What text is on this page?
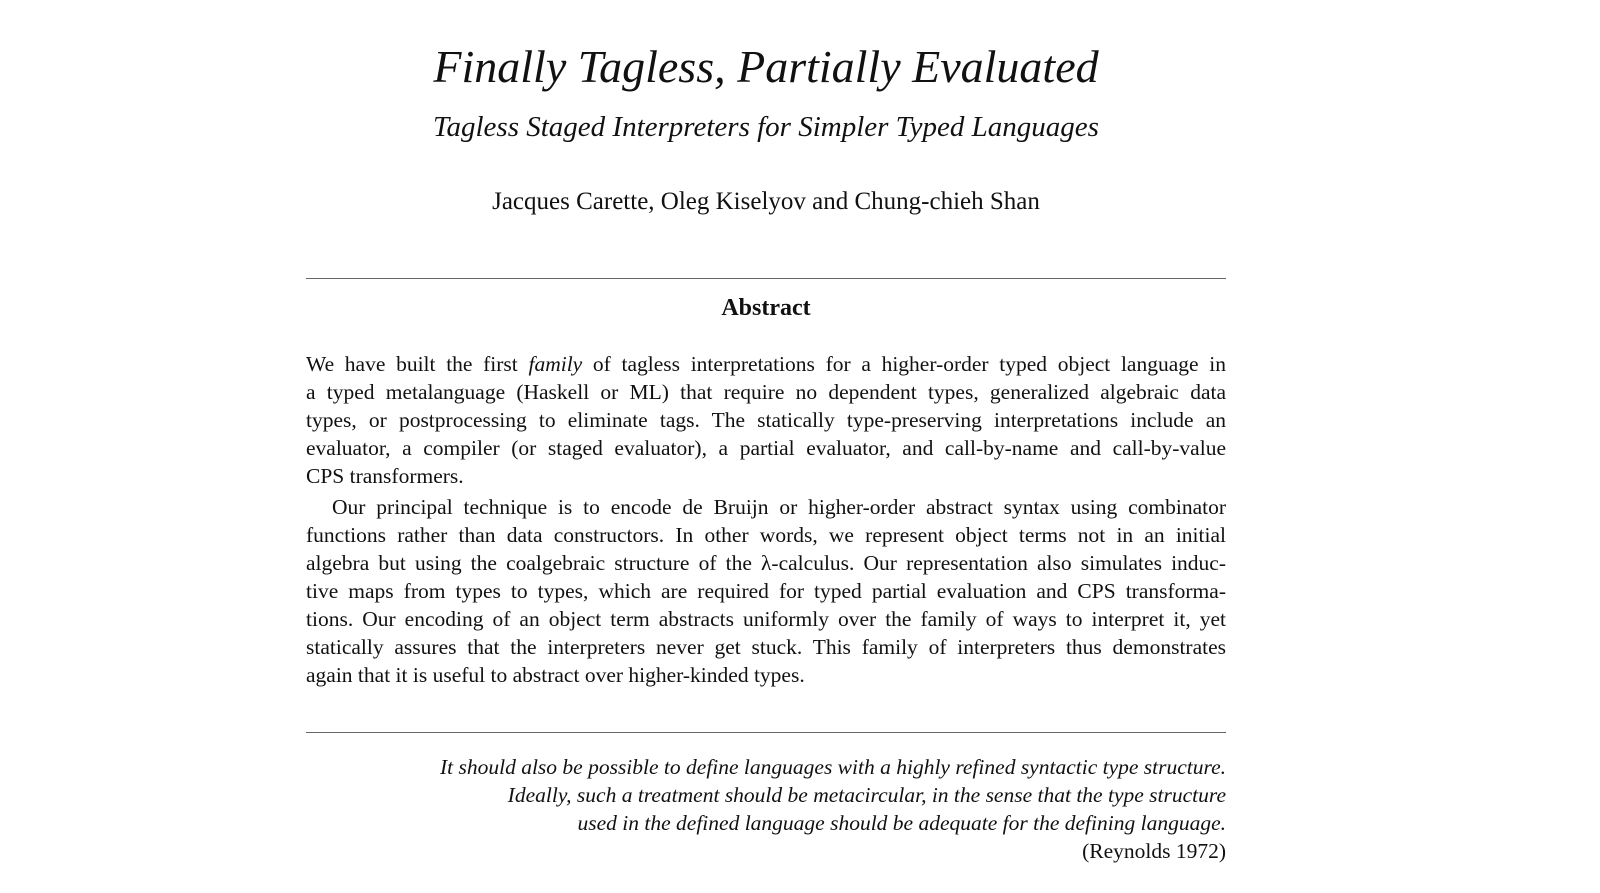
Finally Tagless, Partially Evaluated
Tagless Staged Interpreters for Simpler Typed Languages
Jacques Carette, Oleg Kiselyov and Chung-chieh Shan
Abstract
We have built the first family of tagless interpretations for a higher-order typed object language in
a typed metalanguage (Haskell or ML) that require no dependent types, generalized algebraic data
types, or postprocessing to eliminate tags. The statically type-preserving interpretations include an
evaluator, a compiler (or staged evaluator), a partial evaluator, and call-by-name and call-by-value
CPS transformers.
Our principal technique is to encode de Bruijn or higher-order abstract syntax using combinator
functions rather than data constructors. In other words, we represent object terms not in an initial
algebra but using the coalgebraic structure of the λ-calculus. Our representation also simulates induc-
tive maps from types to types, which are required for typed partial evaluation and CPS transforma-
tions. Our encoding of an object term abstracts uniformly over the family of ways to interpret it, yet
statically assures that the interpreters never get stuck. This family of interpreters thus demonstrates
again that it is useful to abstract over higher-kinded types.
It should also be possible to define languages with a highly refined syntactic type structure.
Ideally, such a treatment should be metacircular, in the sense that the type structure
used in the defined language should be adequate for the defining language.
(Reynolds 1972)
